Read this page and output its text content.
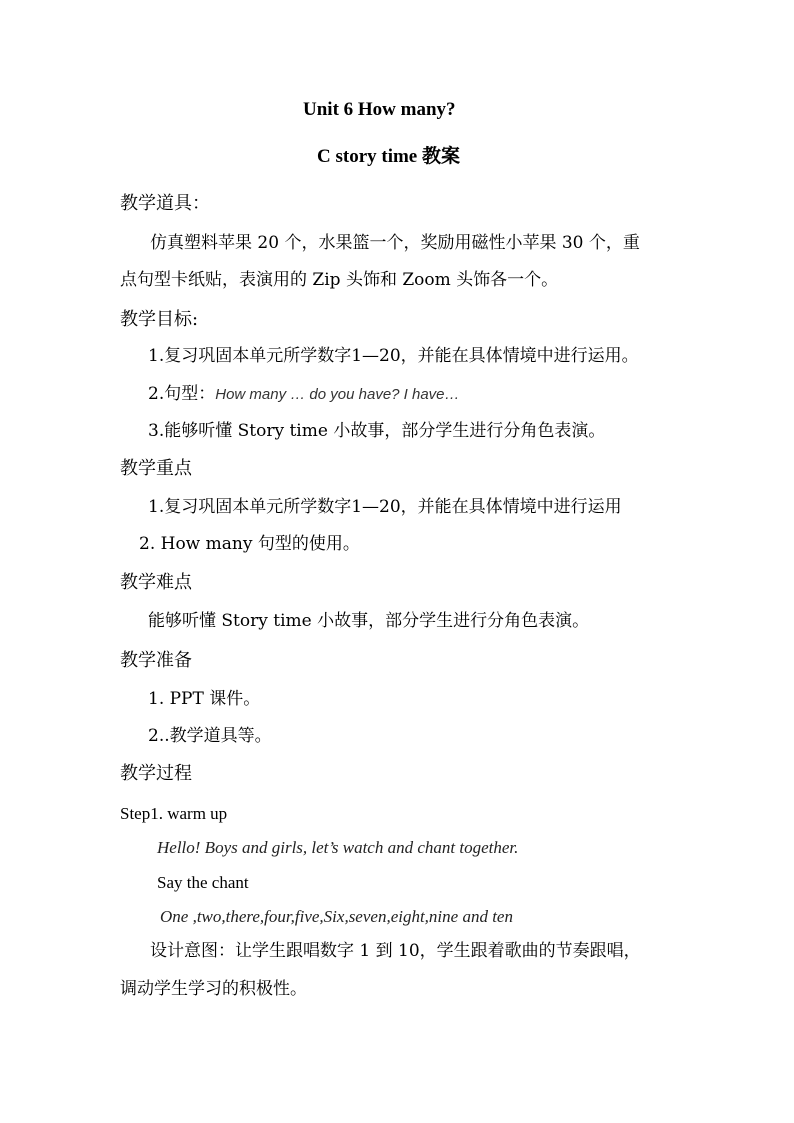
Unit 6 How many?
C story time 教案
教学道具：
仿真塑料苹果 20 个，水果篮一个，奖励用磁性小苹果 30 个，重
点句型卡纸贴，表演用的 Zip 头饰和 Zoom 头饰各一个。
教学目标:
1.复习巩固本单元所学数字1—20，并能在具体情境中进行运用。
2.句型：How many … do you have? I have…
3.能够听懂 Story time 小故事，部分学生进行分角色表演。
教学重点
1.复习巩固本单元所学数字1—20，并能在具体情境中进行运用
2. How many 句型的使用。
教学难点
能够听懂 Story time 小故事，部分学生进行分角色表演。
教学准备
1. PPT 课件。
2..教学道具等。
教学过程
Step1. warm up
Hello! Boys and girls, let’s watch and chant together.
Say the chant
One ,two,there,four,five,Six,seven,eight,nine and ten
设计意图：让学生跟唱数字 1 到 10，学生跟着歌曲的节奏跟唱，
调动学生学习的积极性。
